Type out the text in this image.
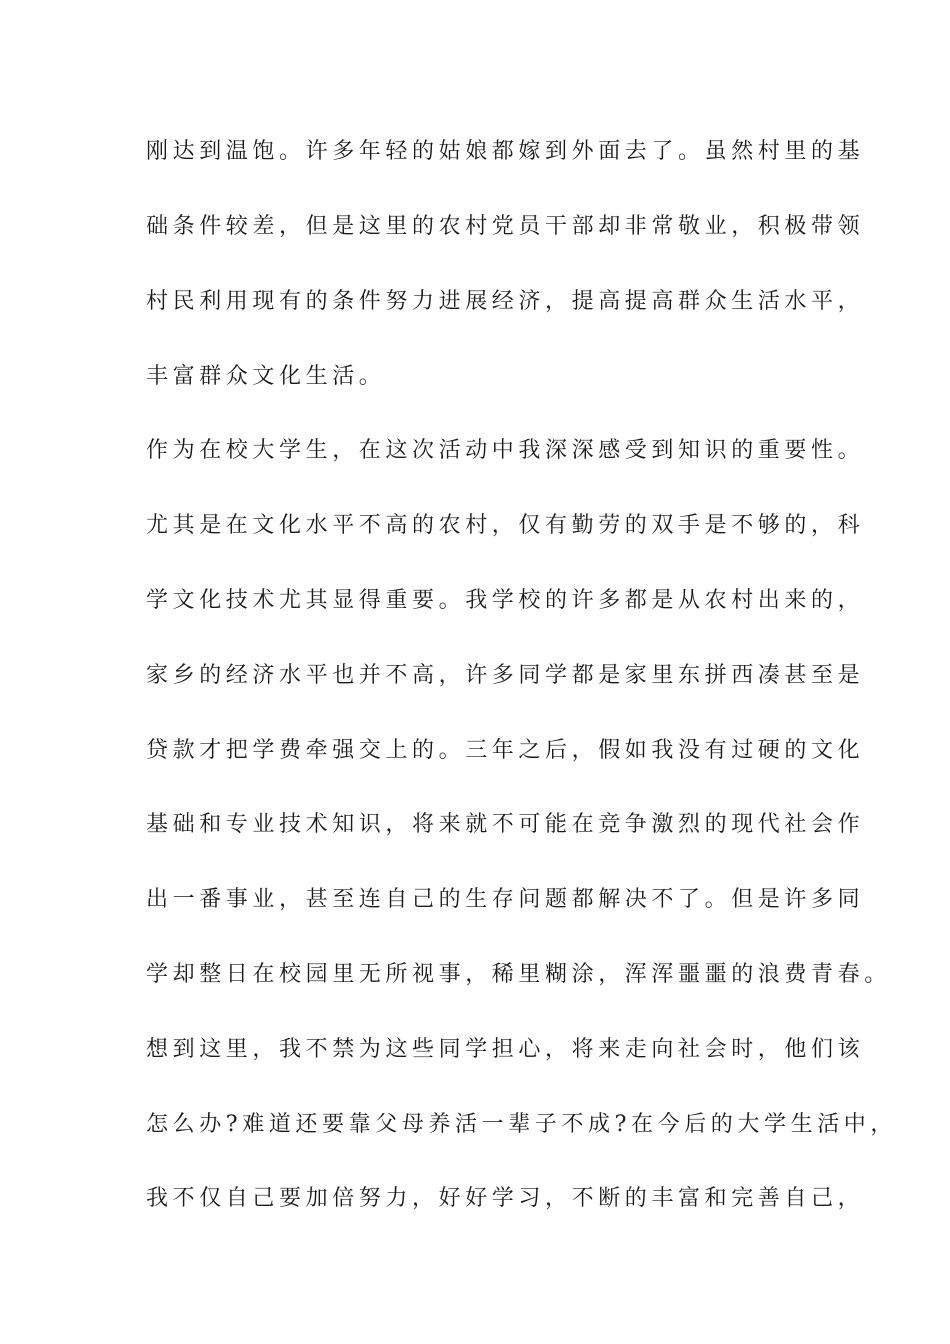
刚达到温饱。许多年轻的姑娘都嫁到外面去了。虽然村里的基

础条件较差，但是这里的农村党员干部却非常敬业，积极带领

村民利用现有的条件努力进展经济，提高提高群众生活水平，

丰富群众文化生活。

作为在校大学生，在这次活动中我深深感受到知识的重要性。

尤其是在文化水平不高的农村，仅有勤劳的双手是不够的，科

学文化技术尤其显得重要。我学校的许多都是从农村出来的，

家乡的经济水平也并不高，许多同学都是家里东拼西凑甚至是

贷款才把学费牵强交上的。三年之后，假如我没有过硬的文化

基础和专业技术知识，将来就不可能在竞争激烈的现代社会作

出一番事业，甚至连自己的生存问题都解决不了。但是许多同

学却整日在校园里无所视事，稀里糊涂，浑浑噩噩的浪费青春。

想到这里，我不禁为这些同学担心，将来走向社会时，他们该

怎么办?难道还要靠父母养活一辈子不成?在今后的大学生活中，

我不仅自己要加倍努力，好好学习，不断的丰富和完善自己，
